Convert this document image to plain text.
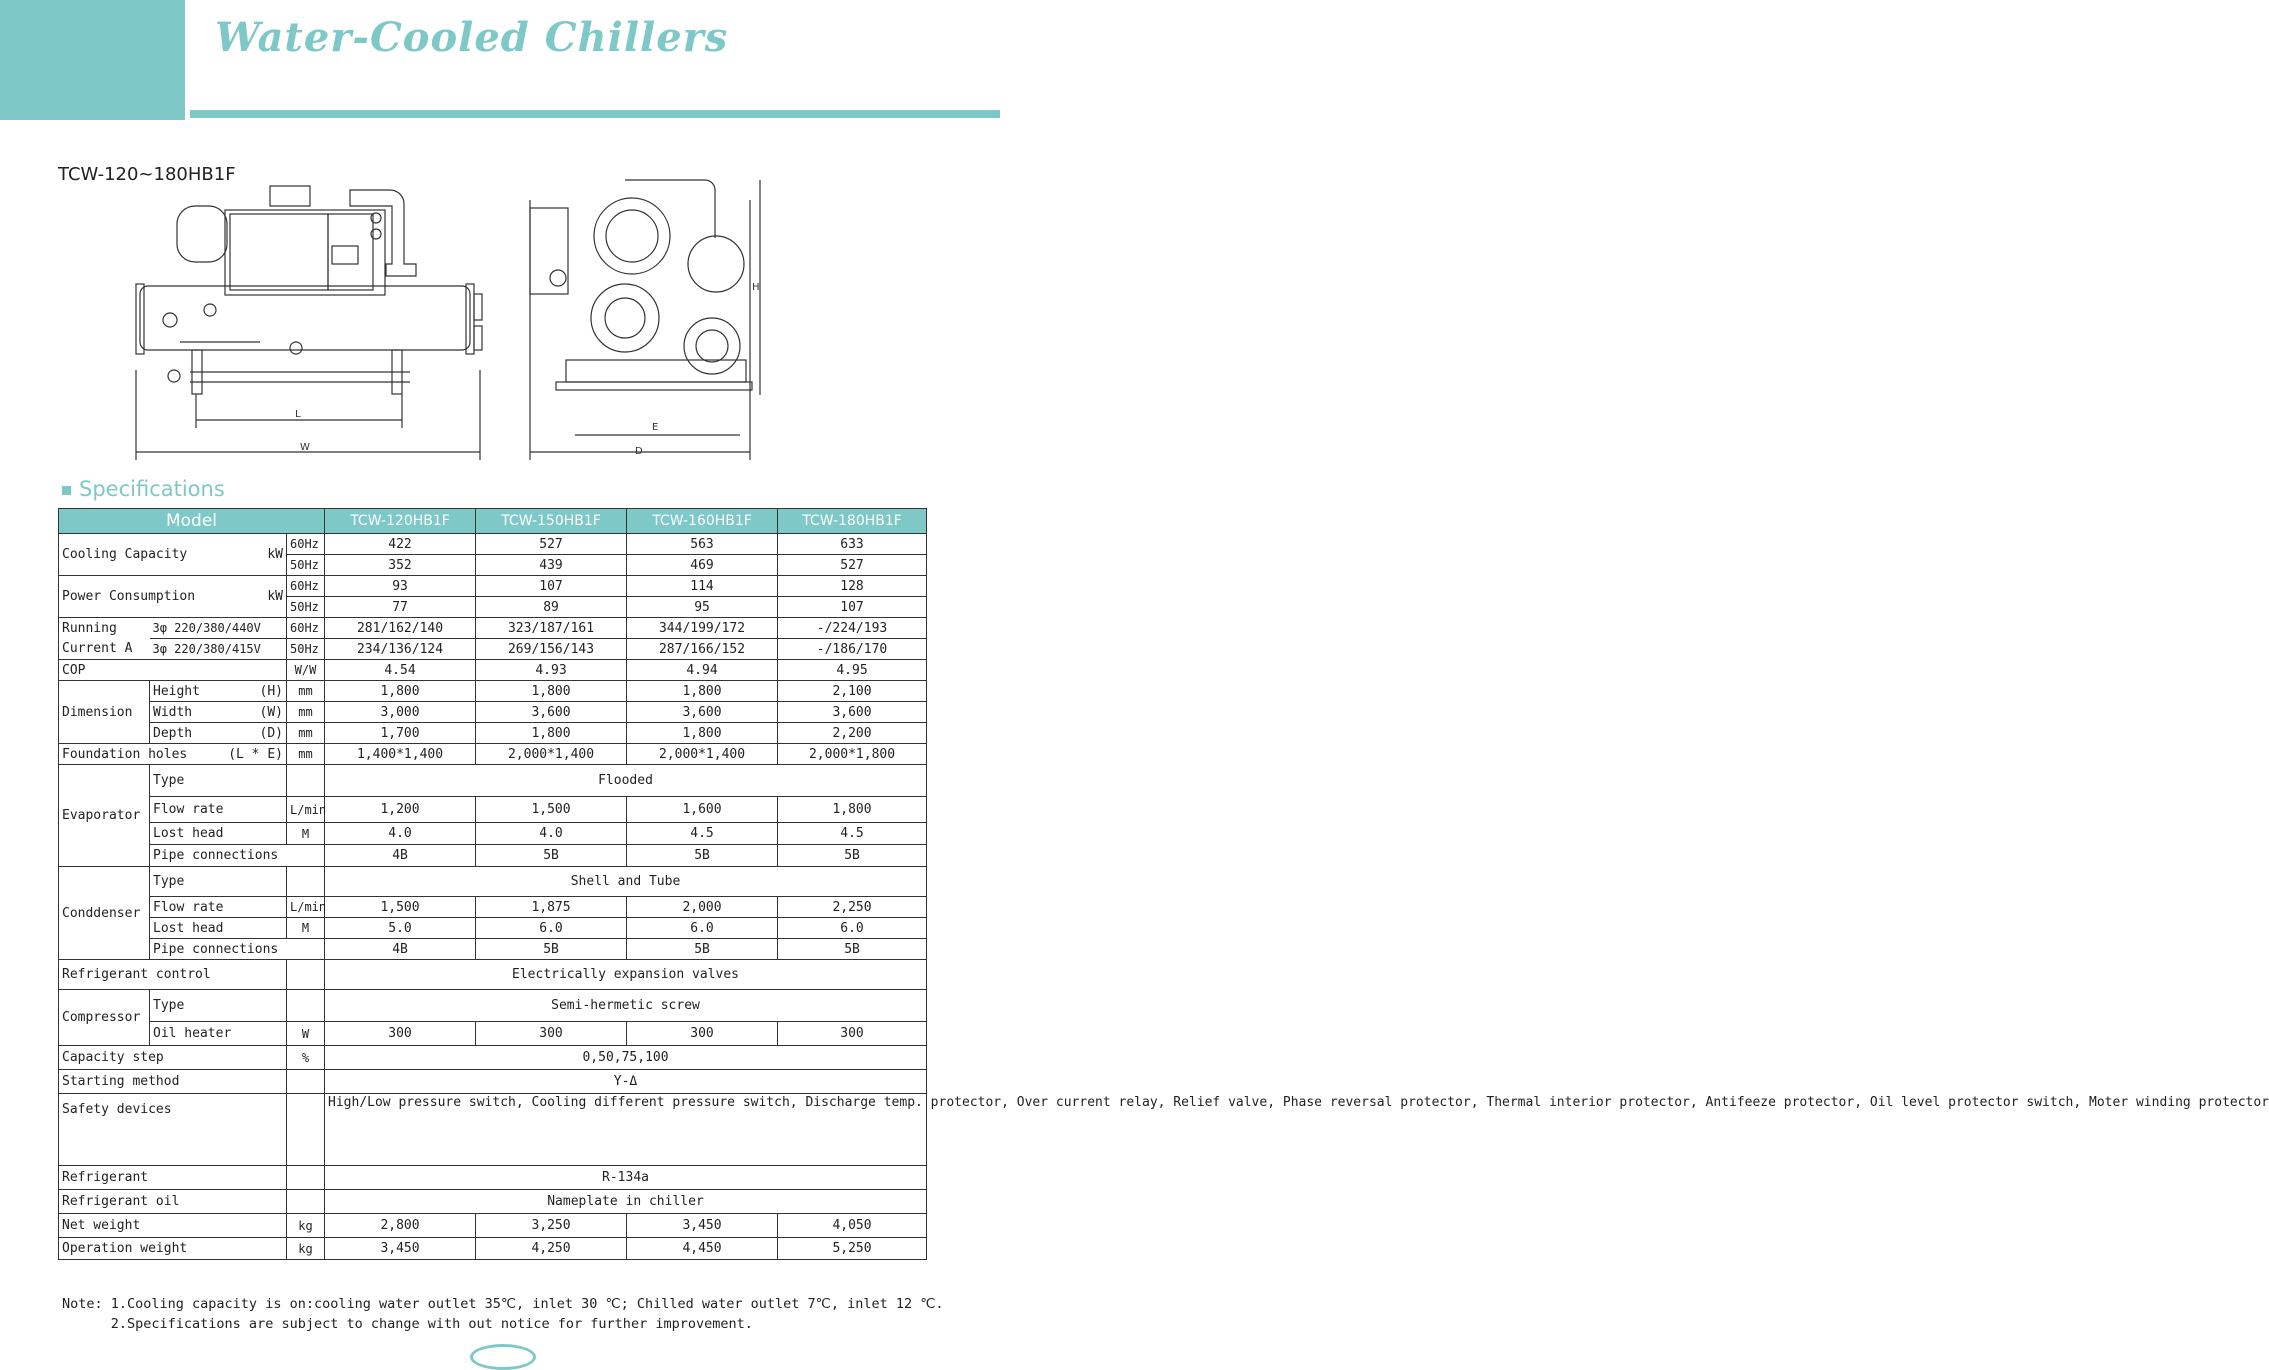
Water-Cooled Chillers
TCW-120~180HB1F
L
W
H
E
D
Specifications
Model			TCW-120HB1F	TCW-150HB1F	TCW-160HB1F	TCW-180HB1F
Cooling Capacity kW		60Hz	422	527	563	633
		50Hz	352	439	469	527
Power Consumption kW		60Hz	93	107	114	128
		50Hz	77	89	95	107
Running	3φ 220/380/440V	60Hz	281/162/140	323/187/161	344/199/172	-/224/193
Current A	3φ 220/380/415V	50Hz	234/136/124	269/156/143	287/166/152	-/186/170
COP		W/W	4.54	4.93	4.94	4.95
Dimension	Height (H)	mm	1,800	1,800	1,800	2,100
	Width (W)	mm	3,000	3,600	3,600	3,600
	Depth (D)	mm	1,700	1,800	1,800	2,200
Foundation holes (L * E)		mm	1,400*1,400	2,000*1,400	2,000*1,400	2,000*1,800
Evaporator	Type		Flooded			
	Flow rate	L/min	1,200	1,500	1,600	1,800
	Lost head	M	4.0	4.0	4.5	4.5
	Pipe connections		4B	5B	5B	5B
Conddenser	Type		Shell and Tube			
	Flow rate	L/min	1,500	1,875	2,000	2,250
	Lost head	M	5.0	6.0	6.0	6.0
	Pipe connections		4B	5B	5B	5B
Refrigerant control			Electrically expansion valves			
Compressor	Type		Semi-hermetic screw			
	Oil heater	W	300	300	300	300
Capacity step		%	0,50,75,100			
Starting method			Y-Δ			
Safety devices			High/Low pressure switch, Cooling different pressure switch, Discharge temp. protector, Over current relay, Relief valve, Phase reversal protector, Thermal interior protector, Antifeeze protector, Oil level protector switch, Moter winding protector			
Refrigerant			R-134a			
Refrigerant oil			Nameplate in chiller			
Net weight		kg	2,800	3,250	3,450	4,050
Operation weight		kg	3,450	4,250	4,450	5,250
Note: 1.Cooling capacity is on:cooling water outlet 35℃, inlet 30 ℃; Chilled water outlet 7℃, inlet 12 ℃.
2.Specifications are subject to change with out notice for further improvement.
